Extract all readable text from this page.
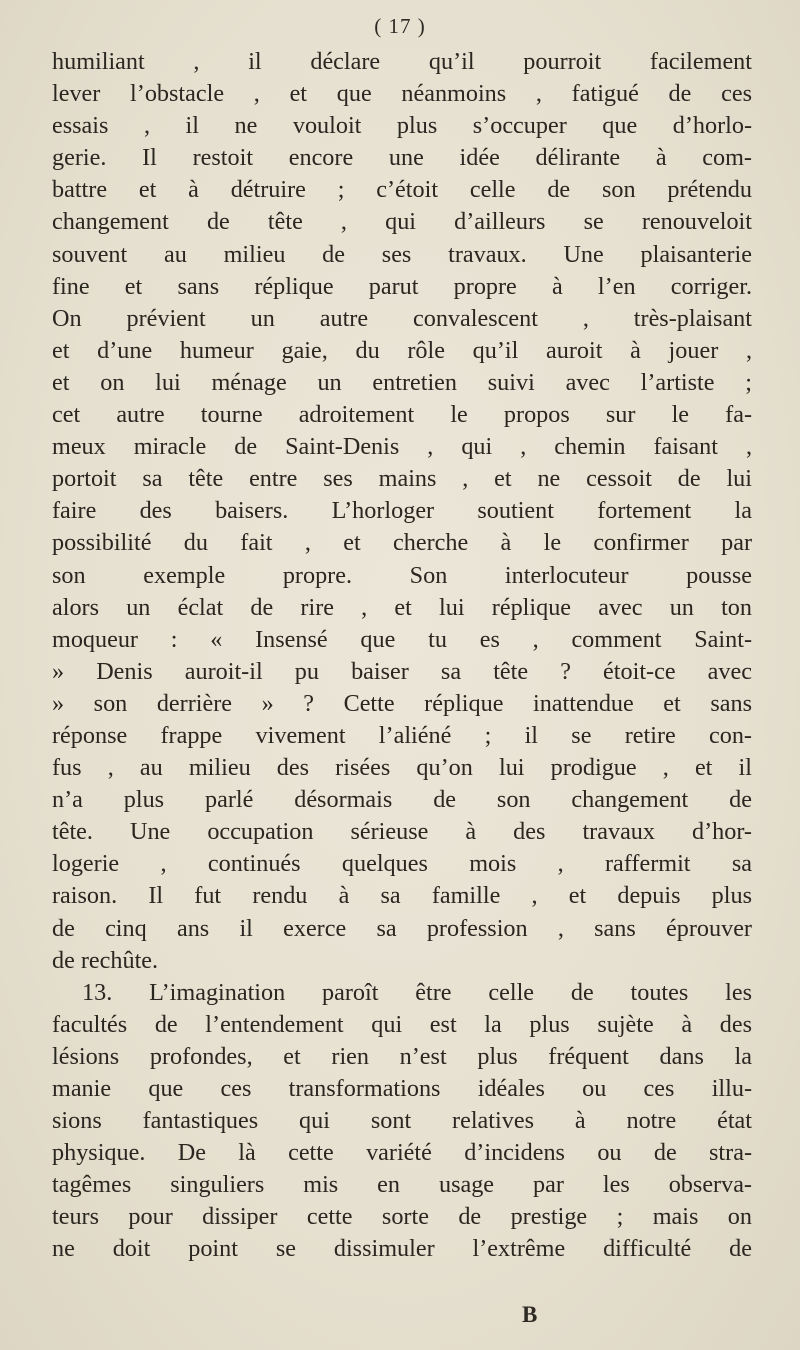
( 17 )
humiliant , il déclare qu’il pourroit facilement
lever l’obstacle , et que néanmoins , fatigué de ces
essais , il ne vouloit plus s’occuper que d’horlo-
gerie. Il restoit encore une idée délirante à com-
battre et à détruire ; c’étoit celle de son prétendu
changement de tête , qui d’ailleurs se renouveloit
souvent au milieu de ses travaux. Une plaisanterie
fine et sans réplique parut propre à l’en corriger.
On prévient un autre convalescent , très-plaisant
et d’une humeur gaie, du rôle qu’il auroit à jouer ,
et on lui ménage un entretien suivi avec l’artiste ;
cet autre tourne adroitement le propos sur le fa-
meux miracle de Saint-Denis , qui , chemin faisant ,
portoit sa tête entre ses mains , et ne cessoit de lui
faire des baisers. L’horloger soutient fortement la
possibilité du fait , et cherche à le confirmer par
son exemple propre. Son interlocuteur pousse
alors un éclat de rire , et lui réplique avec un ton
moqueur : « Insensé que tu es , comment Saint-
» Denis auroit-il pu baiser sa tête ? étoit-ce avec
» son derrière » ? Cette réplique inattendue et sans
réponse frappe vivement l’aliéné ; il se retire con-
fus , au milieu des risées qu’on lui prodigue , et il
n’a plus parlé désormais de son changement de
tête. Une occupation sérieuse à des travaux d’hor-
logerie , continués quelques mois , raffermit sa
raison. Il fut rendu à sa famille , et depuis plus
de cinq ans il exerce sa profession , sans éprouver
de rechûte.
13. L’imagination paroît être celle de toutes les
facultés de l’entendement qui est la plus sujète à des
lésions profondes, et rien n’est plus fréquent dans la
manie que ces transformations idéales ou ces illu-
sions fantastiques qui sont relatives à notre état
physique. De là cette variété d’incidens ou de stra-
tagêmes singuliers mis en usage par les observa-
teurs pour dissiper cette sorte de prestige ; mais on
ne doit point se dissimuler l’extrême difficulté de
B
